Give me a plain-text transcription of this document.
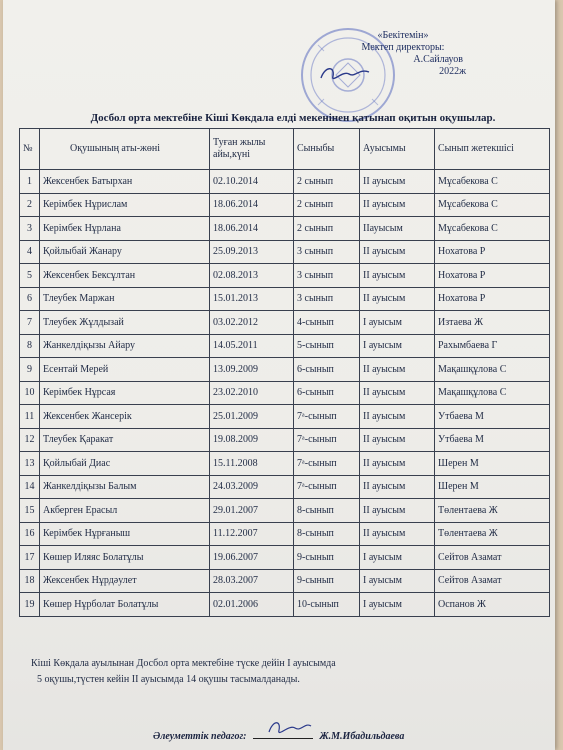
«Бекітемін»
Мектеп директоры:
А.Сайлауов
2022ж
Досбол орта мектебіне Кіші Көкдала елді мекенінен қатынап оқитын оқушылар.
№	Оқушының аты-жөні	Туған жылы айы,күні	Сыныбы	Ауысымы	Сынып жетекшісі
1	Жексенбек Батырхан	02.10.2014	2 сынып	II ауысым	Мұсабекова С
2	Керімбек Нұрислам	18.06.2014	2 сынып	II ауысым	Мұсабекова С
3	Керімбек Нұрлана	18.06.2014	2 сынып	IIауысым	Мұсабекова С
4	Қойлыбай Жанару	25.09.2013	3 сынып	II ауысым	Нохатова Р
5	Жексенбек Бексұлтан	02.08.2013	3 сынып	II ауысым	Нохатова Р
6	Тлеубек Маржан	15.01.2013	3 сынып	II ауысым	Нохатова Р
7	Тлеубек Жұлдызай	03.02.2012	4-сынып	I ауысым	Изтаева Ж
8	Жанкелдіқызы Айару	14.05.2011	5-сынып	I ауысым	Рахымбаева Г
9	Есентай Мерей	13.09.2009	6-сынып	II ауысым	Мақашқұлова С
10	Керімбек Нұрсая	23.02.2010	6-сынып	II ауысым	Мақашқұлова С
11	Жексенбек Жансерік	25.01.2009	7ᵃ-сынып	II ауысым	Утбаева М
12	Тлеубек Қаракат	19.08.2009	7ᵃ-сынып	II ауысым	Утбаева М
13	Қойлыбай Диас	15.11.2008	7ᵃ-сынып	II ауысым	Шерен М
14	Жанкелдіқызы Балым	24.03.2009	7ᵃ-сынып	II ауысым	Шерен М
15	Акберген Ерасыл	29.01.2007	8-сынып	II ауысым	Төлентаева Ж
16	Керімбек Нұрғаныш	11.12.2007	8-сынып	II ауысым	Төлентаева Ж
17	Көшер Иляяс Болатұлы	19.06.2007	9-сынып	I ауысым	Сейтов Азамат
18	Жексенбек Нұрдәулет	28.03.2007	9-сынып	I ауысым	Сейтов Азамат
19	Көшер Нұрболат Болатұлы	02.01.2006	10-сынып	I ауысым	Оспанов Ж
Кіші Көкдала ауылынан Досбол орта мектебіне түске дейін I ауысымда
5 оқушы,түстен кейін II ауысымда 14 оқушы тасымалданады.
Әлеуметтік педагог:	Ж.М.Ибадильдаева
